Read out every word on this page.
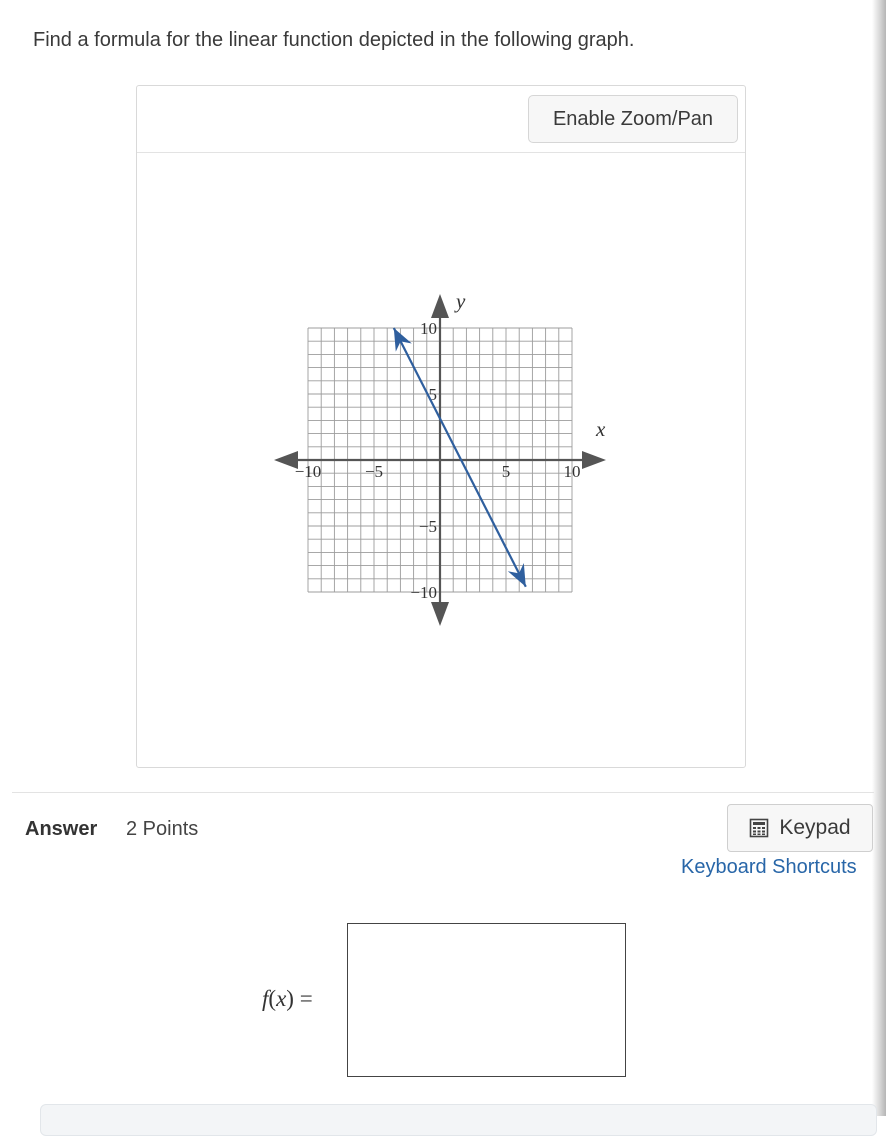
Find a formula for the linear function depicted in the following graph.

Enable Zoom/Pan
x
y
−10	−5	5	10
10
5
−5
−10
Answer 2 Points	Keypad
Keyboard Shortcuts
f(x) =
